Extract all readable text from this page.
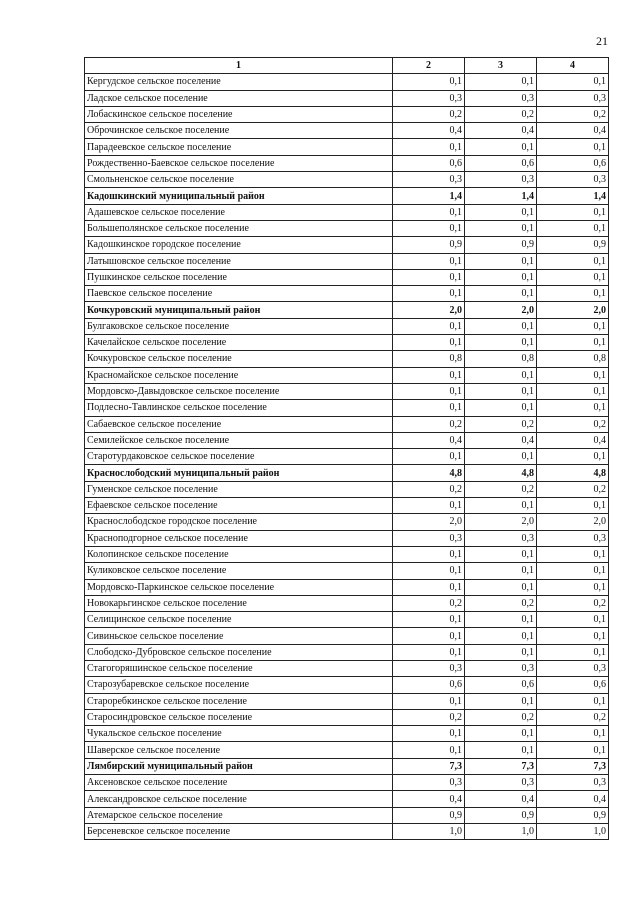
21
1	2	3	4
Кергудское сельское поселение	0,1	0,1	0,1
Ладское сельское поселение	0,3	0,3	0,3
Лобаскинское сельское поселение	0,2	0,2	0,2
Оброчинское сельское поселение	0,4	0,4	0,4
Парадеевское сельское поселение	0,1	0,1	0,1
Рождественно-Баевское сельское поселение	0,6	0,6	0,6
Смольненское сельское поселение	0,3	0,3	0,3
Кадошкинский муниципальный район	1,4	1,4	1,4
Адашевское сельское поселение	0,1	0,1	0,1
Большеполянское сельское поселение	0,1	0,1	0,1
Кадошкинское городское поселение	0,9	0,9	0,9
Латышовское сельское поселение	0,1	0,1	0,1
Пушкинское сельское поселение	0,1	0,1	0,1
Паевское сельское поселение	0,1	0,1	0,1
Кочкуровский муниципальный район	2,0	2,0	2,0
Булгаковское сельское поселение	0,1	0,1	0,1
Качелайское сельское поселение	0,1	0,1	0,1
Кочкуровское сельское поселение	0,8	0,8	0,8
Красномайское сельское поселение	0,1	0,1	0,1
Мордовско-Давыдовское сельское поселение	0,1	0,1	0,1
Подлесно-Тавлинское сельское поселение	0,1	0,1	0,1
Сабаевское сельское поселение	0,2	0,2	0,2
Семилейское сельское поселение	0,4	0,4	0,4
Старотурдаковское сельское поселение	0,1	0,1	0,1
Краснослободский муниципальный район	4,8	4,8	4,8
Гуменское сельское поселение	0,2	0,2	0,2
Ефаевское сельское поселение	0,1	0,1	0,1
Краснослободское городское поселение	2,0	2,0	2,0
Красноподгорное сельское поселение	0,3	0,3	0,3
Колопинское сельское поселение	0,1	0,1	0,1
Куликовское сельское поселение	0,1	0,1	0,1
Мордовско-Паркинское сельское поселение	0,1	0,1	0,1
Новокарьгинское сельское поселение	0,2	0,2	0,2
Селищинское сельское поселение	0,1	0,1	0,1
Сивиньское сельское поселение	0,1	0,1	0,1
Слободско-Дубровское сельское поселение	0,1	0,1	0,1
Стагогоряшинское сельское поселение	0,3	0,3	0,3
Старозубаревское сельское поселение	0,6	0,6	0,6
Староребкинское сельское поселение	0,1	0,1	0,1
Старосиндровское сельское поселение	0,2	0,2	0,2
Чукальское сельское поселение	0,1	0,1	0,1
Шаверское сельское поселение	0,1	0,1	0,1
Лямбирский муниципальный район	7,3	7,3	7,3
Аксеновское сельское поселение	0,3	0,3	0,3
Александровское сельское поселение	0,4	0,4	0,4
Атемарское сельское поселение	0,9	0,9	0,9
Берсеневское сельское поселение	1,0	1,0	1,0
